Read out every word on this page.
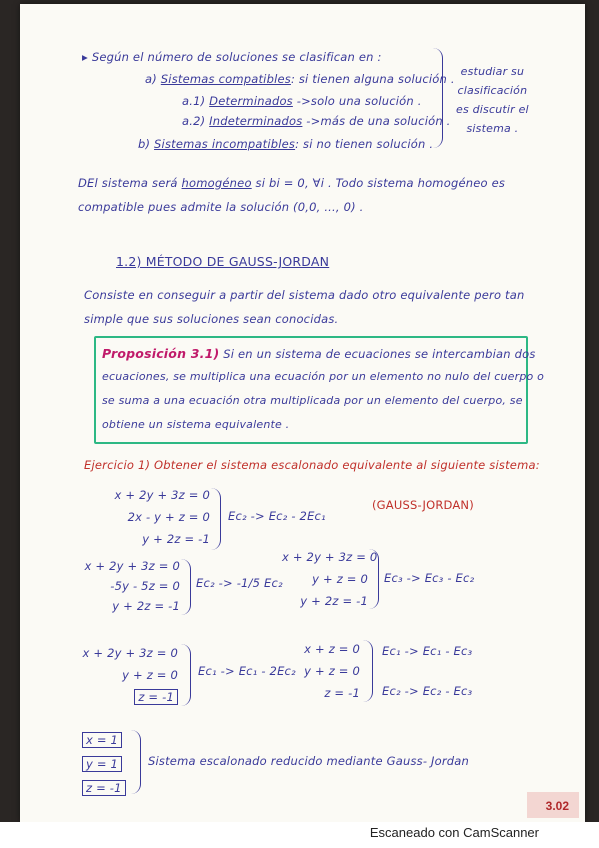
▸ Según el número de soluciones se clasifican en :
a) Sistemas compatibles: si tienen alguna solución .
a.1) Determinados ->solo una solución .
a.2) Indeterminados ->más de una solución .
b) Sistemas incompatibles: si no tienen solución .
estudiar su
clasificación
es discutir el
sistema .
DEl sistema será homogéneo si bi = 0, ∀i . Todo sistema homogéneo es
compatible pues admite la solución (0,0, ..., 0) .
1.2) MÉTODO DE GAUSS-JORDAN
Consiste en conseguir a partir del sistema dado otro equivalente pero tan
simple que sus soluciones sean conocidas.
Proposición 3.1) Si en un sistema de ecuaciones se intercambian dos
ecuaciones, se multiplica una ecuación por un elemento no nulo del cuerpo o
se suma a una ecuación otra multiplicada por un elemento del cuerpo, se
obtiene un sistema equivalente .
Ejercicio 1) Obtener el sistema escalonado equivalente al siguiente sistema:
(GAUSS-JORDAN)
x + 2y + 3z = 0
2x - y + z = 0
y + 2z = -1
Ec₂ -> Ec₂ - 2Ec₁
x + 2y + 3z = 0
-5y - 5z = 0
y + 2z = -1
Ec₂ -> -1/5 Ec₂
x + 2y + 3z = 0
y + z = 0
y + 2z = -1
Ec₃ -> Ec₃ - Ec₂
x + 2y + 3z = 0
y + z = 0
z = -1
Ec₁ -> Ec₁ - 2Ec₂
x + z = 0
y + z = 0
z = -1
Ec₁ -> Ec₁ - Ec₃
Ec₂ -> Ec₂ - Ec₃
x = 1
y = 1
z = -1
Sistema escalonado reducido mediante Gauss- Jordan
3.02
Escaneado con CamScanner
